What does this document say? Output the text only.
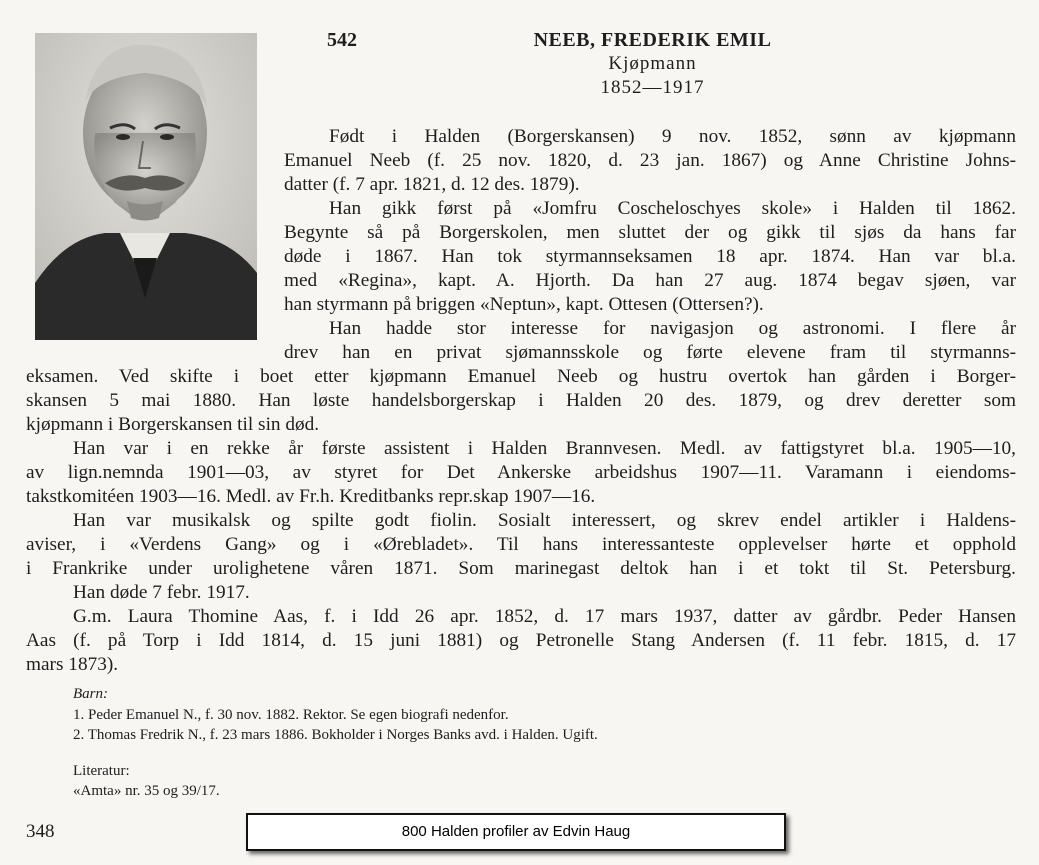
542	NEEB, FREDERIK EMIL
Kjøpmann
1852—1917
Født i Halden (Borgerskansen) 9 nov. 1852, sønn av kjøpmann
Emanuel Neeb (f. 25 nov. 1820, d. 23 jan. 1867) og Anne Christine Johns-
datter (f. 7 apr. 1821, d. 12 des. 1879).
Han gikk først på «Jomfru Coscheloschyes skole» i Halden til 1862.
Begynte så på Borgerskolen, men sluttet der og gikk til sjøs da hans far
døde i 1867. Han tok styrmannseksamen 18 apr. 1874. Han var bl.a.
med «Regina», kapt. A. Hjorth. Da han 27 aug. 1874 begav sjøen, var
han styrmann på briggen «Neptun», kapt. Ottesen (Ottersen?).
Han hadde stor interesse for navigasjon og astronomi. I flere år
drev han en privat sjømannsskole og førte elevene fram til styrmanns-
eksamen. Ved skifte i boet etter kjøpmann Emanuel Neeb og hustru overtok han gården i Borger-
skansen 5 mai 1880. Han løste handelsborgerskap i Halden 20 des. 1879, og drev deretter som
kjøpmann i Borgerskansen til sin død.
Han var i en rekke år første assistent i Halden Brannvesen. Medl. av fattigstyret bl.a. 1905—10,
av lign.nemnda 1901—03, av styret for Det Ankerske arbeidshus 1907—11. Varamann i eiendoms-
takstkomitéen 1903—16. Medl. av Fr.h. Kreditbanks repr.skap 1907—16.
Han var musikalsk og spilte godt fiolin. Sosialt interessert, og skrev endel artikler i Haldens-
aviser, i «Verdens Gang» og i «Ørebladet». Til hans interessanteste opplevelser hørte et opphold
i Frankrike under urolighetene våren 1871. Som marinegast deltok han i et tokt til St. Petersburg.
Han døde 7 febr. 1917.
G.m. Laura Thomine Aas, f. i Idd 26 apr. 1852, d. 17 mars 1937, datter av gårdbr. Peder Hansen
Aas (f. på Torp i Idd 1814, d. 15 juni 1881) og Petronelle Stang Andersen (f. 11 febr. 1815, d. 17
mars 1873).
Barn:
1. Peder Emanuel N., f. 30 nov. 1882. Rektor. Se egen biografi nedenfor.
2. Thomas Fredrik N., f. 23 mars 1886. Bokholder i Norges Banks avd. i Halden. Ugift.
Literatur:
«Amta» nr. 35 og 39/17.
348	800 Halden profiler av Edvin Haug
